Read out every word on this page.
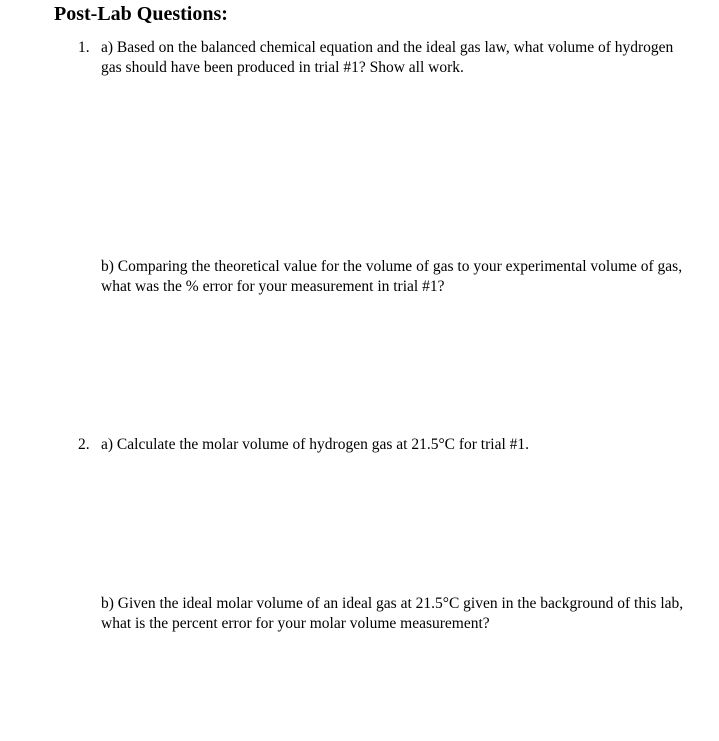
Post-Lab Questions:
1. a) Based on the balanced chemical equation and the ideal gas law, what volume of hydrogen gas should have been produced in trial #1? Show all work.

b) Comparing the theoretical value for the volume of gas to your experimental volume of gas, what was the % error for your measurement in trial #1?

2. a) Calculate the molar volume of hydrogen gas at 21.5°C for trial #1.

b) Given the ideal molar volume of an ideal gas at 21.5°C given in the background of this lab, what is the percent error for your molar volume measurement?
